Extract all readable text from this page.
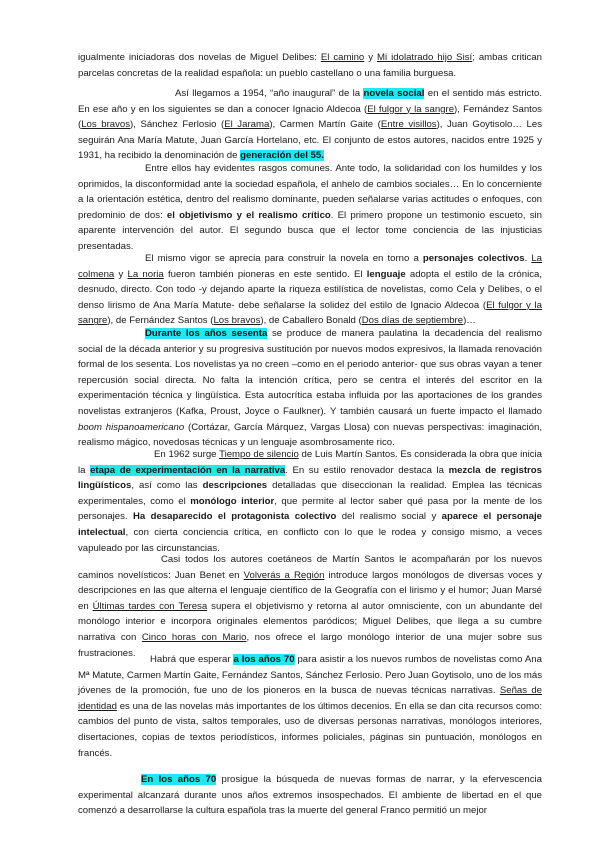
igualmente iniciadoras dos novelas de Miguel Delibes: El camino y Mi idolatrado hijo Sisí; ambas critican parcelas concretas de la realidad española: un pueblo castellano o una familia burguesa.

Así llegamos a 1954, “año inaugural” de la novela social en el sentido más estricto. En ese año y en los siguientes se dan a conocer Ignacio Aldecoa (El fulgor y la sangre), Fernández Santos (Los bravos), Sánchez Ferlosio (El Jarama), Carmen Martín Gaite (Entre visillos), Juan Goytisolo… Les seguirán Ana María Matute, Juan García Hortelano, etc. El conjunto de estos autores, nacidos entre 1925 y 1931, ha recibido la denominación de generación del 55.

Entre ellos hay evidentes rasgos comunes. Ante todo, la solidaridad con los humildes y los oprimidos, la disconformidad ante la sociedad española, el anhelo de cambios sociales… En lo concerniente a la orientación estética, dentro del realismo dominante, pueden señalarse varias actitudes o enfoques, con predominio de dos: el objetivismo y el realismo crítico. El primero propone un testimonio escueto, sin aparente intervención del autor. El segundo busca que el lector tome conciencia de las injusticias presentadas.

El mismo vigor se aprecia para construir la novela en torno a personajes colectivos. La colmena y La noria fueron también pioneras en este sentido. El lenguaje adopta el estilo de la crónica, desnudo, directo. Con todo -y dejando aparte la riqueza estilística de novelistas, como Cela y Delibes, o el denso lirismo de Ana María Matute- debe señalarse la solidez del estilo de Ignacio Aldecoa (El fulgor y la sangre), de Fernández Santos (Los bravos), de Caballero Bonald (Dos días de septiembre)…

Durante los años sesenta se produce de manera paulatina la decadencia del realismo social de la década anterior y su progresiva sustitución por nuevos modos expresivos, la llamada renovación formal de los sesenta. Los novelistas ya no creen –como en el periodo anterior- que sus obras vayan a tener repercusión social directa. No falta la intención crítica, pero se centra el interés del escritor en la experimentación técnica y lingüística. Esta autocrítica estaba influida por las aportaciones de los grandes novelistas extranjeros (Kafka, Proust, Joyce o Faulkner). Y también causará un fuerte impacto el llamado boom hispanoamericano (Cortázar, García Márquez, Vargas Llosa) con nuevas perspectivas: imaginación, realismo mágico, novedosas técnicas y un lenguaje asombrosamente rico.

En 1962 surge Tiempo de silencio de Luis Martín Santos. Es considerada la obra que inicia la etapa de experimentación en la narrativa. En su estilo renovador destaca la mezcla de registros lingüísticos, así como las descripciones detalladas que diseccionan la realidad. Emplea las técnicas experimentales, como el monólogo interior, que permite al lector saber qué pasa por la mente de los personajes. Ha desaparecido el protagonista colectivo del realismo social y aparece el personaje intelectual, con cierta conciencia crítica, en conflicto con lo que le rodea y consigo mismo, a veces vapuleado por las circunstancias.

Casi todos los autores coetáneos de Martín Santos le acompañarán por los nuevos caminos novelísticos: Juan Benet en Volverás a Región introduce largos monólogos de diversas voces y descripciones en las que alterna el lenguaje científico de la Geografía con el lirismo y el humor; Juan Marsé en Últimas tardes con Teresa supera el objetivismo y retorna al autor omnisciente, con un abundante del monólogo interior e incorpora originales elementos paródicos; Miguel Delibes, que llega a su cumbre narrativa con Cinco horas con Mario, nos ofrece el largo monólogo interior de una mujer sobre sus frustraciones.

Habrá que esperar a los años 70 para asistir a los nuevos rumbos de novelistas como Ana Mª Matute, Carmen Martín Gaite, Fernández Santos, Sánchez Ferlosio. Pero Juan Goytisolo, uno de los más jóvenes de la promoción, fue uno de los pioneros en la busca de nuevas técnicas narrativas. Señas de identidad es una de las novelas más importantes de los últimos decenios. En ella se dan cita recursos como: cambios del punto de vista, saltos temporales, uso de diversas personas narrativas, monólogos interiores, disertaciones, copias de textos periodísticos, informes policiales, páginas sin puntuación, monólogos en francés.

En los años 70 prosigue la búsqueda de nuevas formas de narrar, y la efervescencia experimental alcanzará durante unos años extremos insospechados. El ambiente de libertad en el que comenzó a desarrollarse la cultura española tras la muerte del general Franco permitió un mejor
